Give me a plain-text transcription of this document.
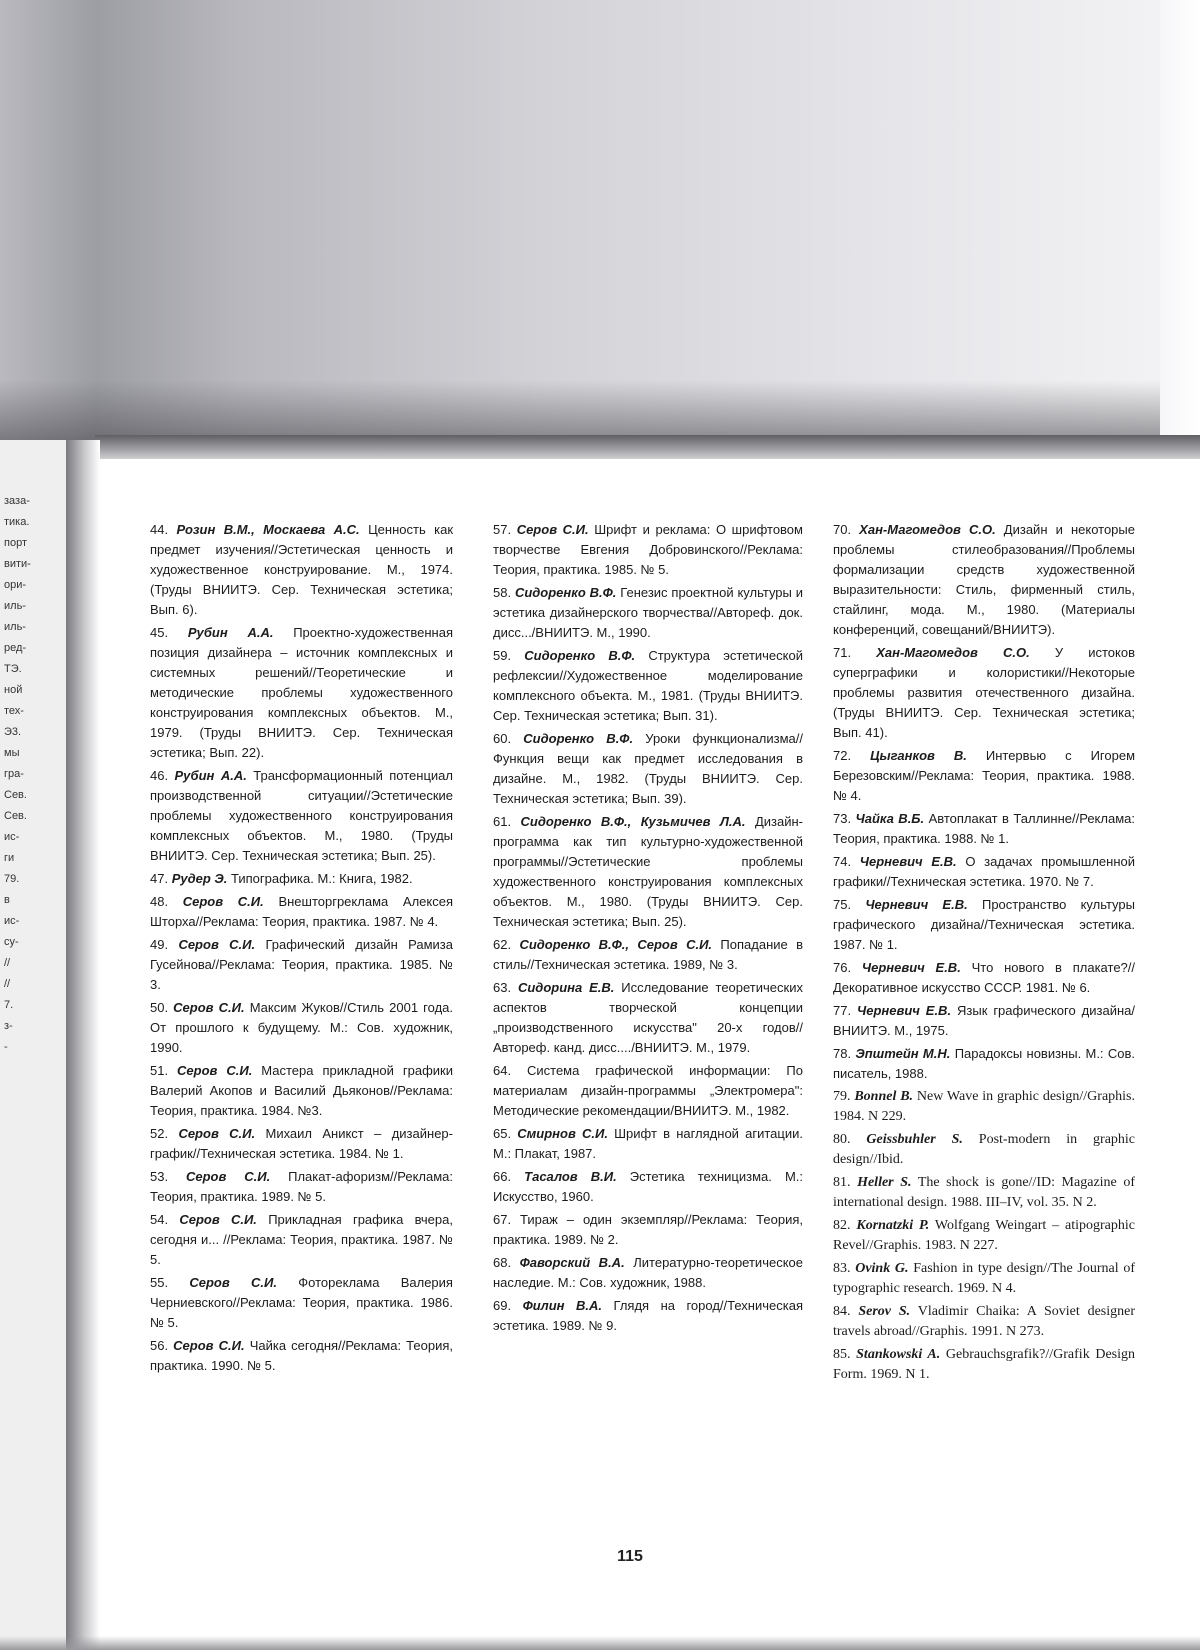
заза-
тика.
порт
вити-
ори-
иль-
иль-
ред-
ТЭ.
ной
тех-
Э3.
мы
гра-
Сев.
Сев.
ис-
ги
79.
в
ис-
су-
//
//
7.
з-
-

44. Розин В.М., Москаева А.С. Ценность как предмет изучения//Эстетическая ценность и художественное конструирование. М., 1974. (Труды ВНИИТЭ. Сер. Техническая эстетика; Вып. 6).

45. Рубин А.А. Проектно-художественная позиция дизайнера – источник комплексных и системных решений//Теоретические и методические проблемы художественного конструирования комплексных объектов. М., 1979. (Труды ВНИИТЭ. Сер. Техническая эстетика; Вып. 22).

46. Рубин А.А. Трансформационный потенциал производственной ситуации//Эстетические проблемы художественного конструирования комплексных объектов. М., 1980. (Труды ВНИИТЭ. Сер. Техническая эстетика; Вып. 25).

47. Рудер Э. Типографика. М.: Книга, 1982.

48. Серов С.И. Внешторгреклама Алексея Шторха//Реклама: Теория, практика. 1987. № 4.

49. Серов С.И. Графический дизайн Рамиза Гусейнова//Реклама: Теория, практика. 1985. № 3.

50. Серов С.И. Максим Жуков//Стиль 2001 года. От прошлого к будущему. М.: Сов. художник, 1990.

51. Серов С.И. Мастера прикладной графики Валерий Акопов и Василий Дьяконов//Реклама: Теория, практика. 1984. №3.

52. Серов С.И. Михаил Аникст – дизайнер-график//Техническая эстетика. 1984. № 1.

53. Серов С.И. Плакат-афоризм//Реклама: Теория, практика. 1989. № 5.

54. Серов С.И. Прикладная графика вчера, сегодня и... //Реклама: Теория, практика. 1987. № 5.

55. Серов С.И. Фотореклама Валерия Черниевского//Реклама: Теория, практика. 1986. № 5.

56. Серов С.И. Чайка сегодня//Реклама: Теория, практика. 1990. № 5.

57. Серов С.И. Шрифт и реклама: О шрифтовом творчестве Евгения Добровинского//Реклама: Теория, практика. 1985. № 5.

58. Сидоренко В.Ф. Генезис проектной культуры и эстетика дизайнерского творчества//Автореф. док. дисс.../ВНИИТЭ. М., 1990.

59. Сидоренко В.Ф. Структура эстетической рефлексии//Художественное моделирование комплексного объекта. М., 1981. (Труды ВНИИТЭ. Сер. Техническая эстетика; Вып. 31).

60. Сидоренко В.Ф. Уроки функционализма//Функция вещи как предмет исследования в дизайне. М., 1982. (Труды ВНИИТЭ. Сер. Техническая эстетика; Вып. 39).

61. Сидоренко В.Ф., Кузьмичев Л.А. Дизайн-программа как тип культурно-художественной программы//Эстетические проблемы художественного конструирования комплексных объектов. М., 1980. (Труды ВНИИТЭ. Сер. Техническая эстетика; Вып. 25).

62. Сидоренко В.Ф., Серов С.И. Попадание в стиль//Техническая эстетика. 1989, № 3.

63. Сидорина Е.В. Исследование теоретических аспектов творческой концепции „производственного искусства" 20-х годов//Автореф. канд. дисс..../ВНИИТЭ. М., 1979.

64. Система графической информации: По материалам дизайн-программы „Электромера": Методические рекомендации/ВНИИТЭ. М., 1982.

65. Смирнов С.И. Шрифт в наглядной агитации. М.: Плакат, 1987.

66. Тасалов В.И. Эстетика техницизма. М.: Искусство, 1960.

67. Тираж – один экземпляр//Реклама: Теория, практика. 1989. № 2.

68. Фаворский В.А. Литературно-теоретическое наследие. М.: Сов. художник, 1988.

69. Филин В.А. Глядя на город//Техническая эстетика. 1989. № 9.

70. Хан-Магомедов С.О. Дизайн и некоторые проблемы стилеобразования//Проблемы формализации средств художественной выразительности: Стиль, фирменный стиль, стайлинг, мода. М., 1980. (Материалы конференций, совещаний/ВНИИТЭ).

71. Хан-Магомедов С.О. У истоков суперграфики и колористики//Некоторые проблемы развития отечественного дизайна. (Труды ВНИИТЭ. Сер. Техническая эстетика; Вып. 41).

72. Цыганков В. Интервью с Игорем Березовским//Реклама: Теория, практика. 1988. № 4.

73. Чайка В.Б. Автоплакат в Таллинне//Реклама: Теория, практика. 1988. № 1.

74. Черневич Е.В. О задачах промышленной графики//Техническая эстетика. 1970. № 7.

75. Черневич Е.В. Пространство культуры графического дизайна//Техническая эстетика. 1987. № 1.

76. Черневич Е.В. Что нового в плакате?//Декоративное искусство СССР. 1981. № 6.

77. Черневич Е.В. Язык графического дизайна/ВНИИТЭ. М., 1975.

78. Эпштейн М.Н. Парадоксы новизны. М.: Сов. писатель, 1988.

79. Bonnel B. New Wave in graphic design//Graphis. 1984. N 229.

80. Geissbuhler S. Post-modern in graphic design//Ibid.

81. Heller S. The shock is gone//ID: Magazine of international design. 1988. III–IV, vol. 35. N 2.

82. Kornatzki P. Wolfgang Weingart – atipographic Revel//Graphis. 1983. N 227.

83. Ovink G. Fashion in type design//The Journal of typographic research. 1969. N 4.

84. Serov S. Vladimir Chaika: A Soviet designer travels abroad//Graphis. 1991. N 273.

85. Stankowski A. Gebrauchsgrafik?//Grafik Design Form. 1969. N 1.

115
